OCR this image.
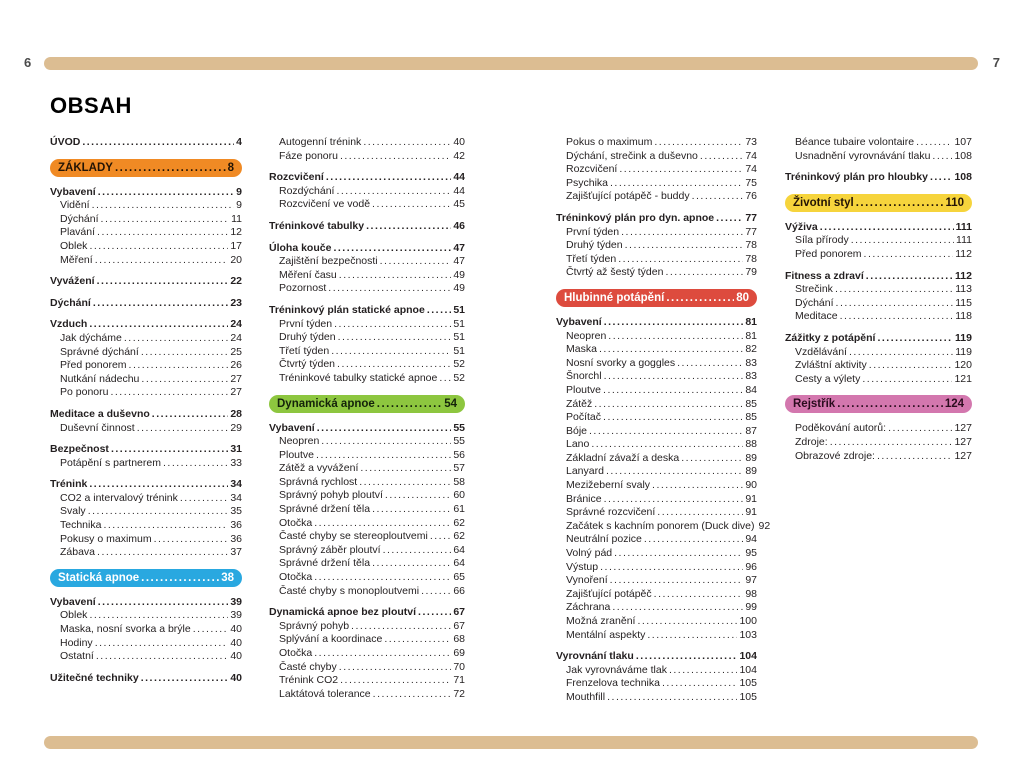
6	7
OBSAH
ÚVOD .....	4
ZÁKLADY .....	8
Vybavení .....	9
Vidění .....	9
Dýchání .....	11
Plavání .....	12
Oblek .....	17
Měření .....	20
Vyvážení .....	22
Dýchání .....	23
Vzduch .....	24
Jak dýcháme .....	24
Správné dýchání .....	25
Před ponorem .....	26
Nutkání nádechu .....	27
Po ponoru .....	27
Meditace a duševno .....	28
Duševní činnost .....	29
Bezpečnost .....	31
Potápění s partnerem .....	33
Trénink .....	34
CO2 a intervalový trénink .....	34
Svaly .....	35
Technika .....	36
Pokusy o maximum .....	36
Zábava .....	37
Statická apnoe .....	38
Vybavení .....	39
Oblek .....	39
Maska, nosní svorka a brýle .....	40
Hodiny .....	40
Ostatní .....	40
Užitečné techniky .....	40
Autogenní trénink .....	40
Fáze ponoru .....	42
Rozcvičení .....	44
Rozdýchání .....	44
Rozcvičení ve vodě .....	45
Tréninkové tabulky .....	46
Úloha kouče .....	47
Zajištění bezpečnosti .....	47
Měření času .....	49
Pozornost .....	49
Tréninkový plán statické apnoe .....	51
První týden .....	51
Druhý týden .....	51
Třetí týden .....	51
Čtvrtý týden .....	52
Tréninkové tabulky statické apnoe ..... 52
Dynamická apnoe .....	54
Vybavení .....	55
Neopren .....	55
Ploutve .....	56
Zátěž a vyvážení .....	57
Správná rychlost .....	58
Správný pohyb ploutví .....	60
Správné držení těla .....	61
Otočka .....	62
Časté chyby se stereoploutvemi ..... 62
Správný záběr ploutví .....	64
Správné držení těla .....	64
Otočka .....	65
Časté chyby s monoploutvemi .....	66
Dynamická apnoe bez ploutví .....	67
Správný pohyb .....	67
Splývání a koordinace .....	68
Otočka .....	69
Časté chyby .....	70
Trénink CO2 .....	71
Laktátová tolerance .....	72
Pokus o maximum .....	73
Dýchání, strečink a duševno .....	74
Rozcvičení .....	74
Psychika .....	75
Zajišťující potápěč - buddy .....	76
Tréninkový plán pro dyn. apnoe .....	77
První týden .....	77
Druhý týden .....	78
Třetí týden .....	78
Čtvrtý až šestý týden .....	79
Hlubinné potápění .....	80
Vybavení .....	81
Neopren .....	81
Maska .....	82
Nosní svorky a goggles .....	83
Šnorchl .....	83
Ploutve .....	84
Zátěž .....	85
Počítač .....	85
Bóje .....	87
Lano .....	88
Základní závaží a deska .....	89
Lanyard .....	89
Mezižeberní svaly .....	90
Bránice .....	91
Správné rozcvičení .....	91
Začátek s kachním ponorem (Duck dive) 92
Neutrální pozice .....	94
Volný pád .....	95
Výstup .....	96
Vynoření .....	97
Zajišťující potápěč .....	98
Záchrana .....	99
Možná zranění .....	100
Mentální aspekty .....	103
Vyrovnání tlaku .....	104
Jak vyrovnáváme tlak .....	104
Frenzelova technika .....	105
Mouthfill .....	105
Béance tubaire volontaire .....	107
Usnadnění vyrovnávání tlaku ..... 108
Tréninkový plán pro hloubky .....	108
Životní styl .....	110
Výživa .....	111
Síla přírody .....	111
Před ponorem .....	112
Fitness a zdraví .....	112
Strečink .....	113
Dýchání .....	115
Meditace .....	118
Zážitky z potápění .....	119
Vzdělávání .....	119
Zvláštní aktivity .....	120
Cesty a výlety .....	121
Rejstřík .....	124
Poděkování autorů: .....	127
Zdroje: .....	127
Obrazové zdroje: .....	127
